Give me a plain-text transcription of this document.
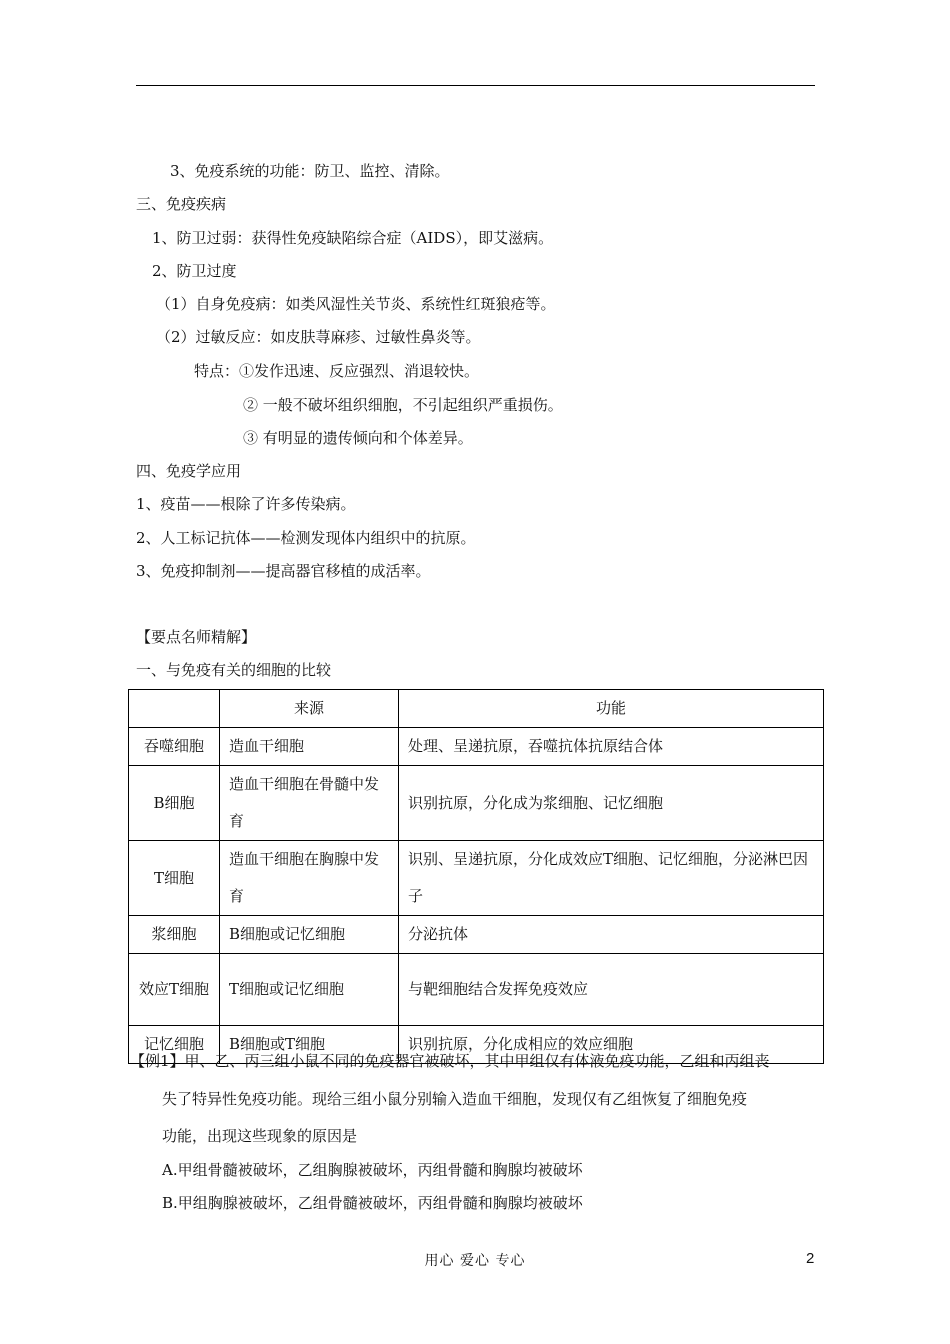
3、免疫系统的功能：防卫、监控、清除。
三、免疫疾病
1、防卫过弱：获得性免疫缺陷综合症（AIDS），即艾滋病。
2、防卫过度
（1）自身免疫病：如类风湿性关节炎、系统性红斑狼疮等。
（2）过敏反应：如皮肤荨麻疹、过敏性鼻炎等。
特点：①发作迅速、反应强烈、消退较快。
② 一般不破坏组织细胞，不引起组织严重损伤。
③ 有明显的遗传倾向和个体差异。
四、免疫学应用
1、疫苗——根除了许多传染病。
2、人工标记抗体——检测发现体内组织中的抗原。
3、免疫抑制剂——提高器官移植的成活率。
【要点名师精解】
一、与免疫有关的细胞的比较
	来源	功能
吞噬细胞	造血干细胞	处理、呈递抗原，吞噬抗体抗原结合体
B细胞	造血干细胞在骨髓中发育	识别抗原，分化成为浆细胞、记忆细胞
T细胞	造血干细胞在胸腺中发育	识别、呈递抗原，分化成效应T细胞、记忆细胞，分泌淋巴因子
浆细胞	B细胞或记忆细胞	分泌抗体
效应T细胞	T细胞或记忆细胞	与靶细胞结合发挥免疫效应
记忆细胞	B细胞或T细胞	识别抗原，分化成相应的效应细胞
【例1】甲、乙、丙三组小鼠不同的免疫器官被破坏，其中甲组仅有体液免疫功能，乙组和丙组丧
失了特异性免疫功能。现给三组小鼠分别输入造血干细胞，发现仅有乙组恢复了细胞免疫
功能，出现这些现象的原因是
A.甲组骨髓被破坏，乙组胸腺被破坏，丙组骨髓和胸腺均被破坏
B.甲组胸腺被破坏，乙组骨髓被破坏，丙组骨髓和胸腺均被破坏
用心 爱心 专心	2
